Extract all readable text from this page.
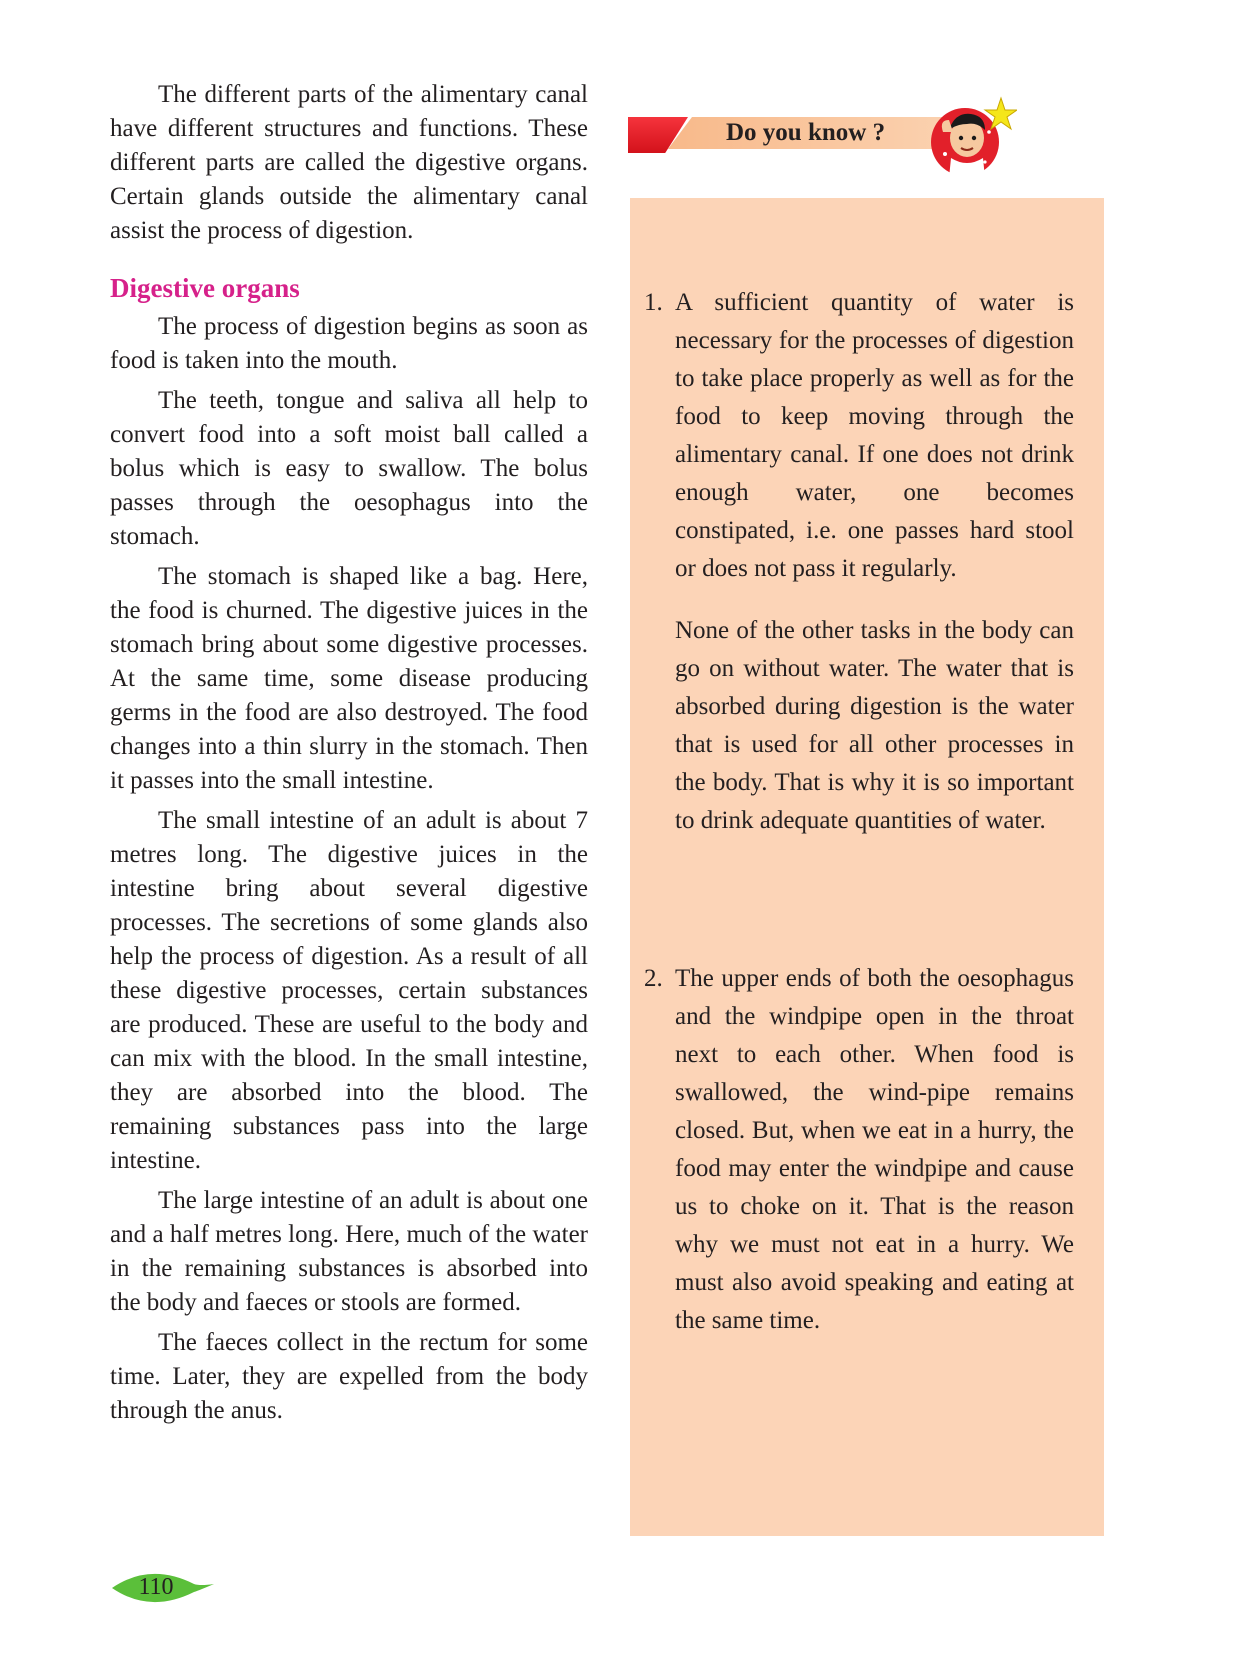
The different parts of the alimentary canal have different structures and functions. These different parts are called the digestive organs. Certain glands outside the alimentary canal assist the process of digestion.

Digestive organs

The process of digestion begins as soon as food is taken into the mouth.

The teeth, tongue and saliva all help to convert food into a soft moist ball called a bolus which is easy to swallow. The bolus passes through the oesophagus into the stomach.

The stomach is shaped like a bag. Here, the food is churned. The digestive juices in the stomach bring about some digestive processes. At the same time, some disease producing germs in the food are also destroyed. The food changes into a thin slurry in the stomach. Then it passes into the small intestine.

The small intestine of an adult is about 7 metres long. The digestive juices in the intestine bring about several digestive processes. The secretions of some glands also help the process of digestion. As a result of all these digestive processes, certain substances are produced. These are useful to the body and can mix with the blood. In the small intestine, they are absorbed into the blood. The remaining substances pass into the large intestine.

The large intestine of an adult is about one and a half metres long. Here, much of the water in the remaining substances is absorbed into the body and faeces or stools are formed.

The faeces collect in the rectum for some time. Later, they are expelled from the body through the anus.

Do you know ?
1. A sufficient quantity of water is necessary for the processes of digestion to take place properly as well as for the food to keep moving through the alimentary canal. If one does not drink enough water, one becomes constipated, i.e. one passes hard stool or does not pass it regularly.

None of the other tasks in the body can go on without water. The water that is absorbed during digestion is the water that is used for all other processes in the body. That is why it is so important to drink adequate quantities of water.

2. The upper ends of both the oesophagus and the windpipe open in the throat next to each other. When food is swallowed, the wind-pipe remains closed. But, when we eat in a hurry, the food may enter the windpipe and cause us to choke on it. That is the reason why we must not eat in a hurry. We must also avoid speaking and eating at the same time.

110
